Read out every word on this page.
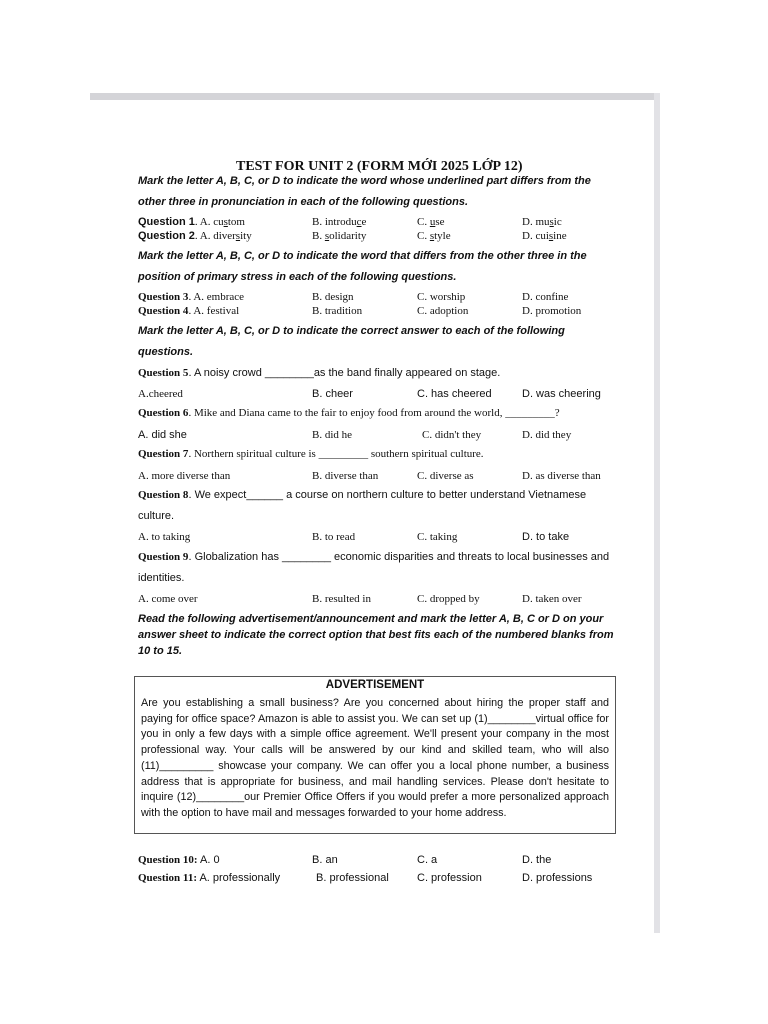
TEST FOR UNIT 2 (FORM MỚI 2025 LỚP 12)
Mark the letter A, B, C, or D to indicate the word whose underlined part differs from the other three in pronunciation in each of the following questions.
Question 1. A. custom	B. introduce	C. use	D. music
Question 2. A. diversity	B. solidarity	C. style	D. cuisine
Mark the letter A, B, C, or D to indicate the word that differs from the other three in the position of primary stress in each of the following questions.
Question 3. A. embrace	B. design	C. worship	D. confine
Question 4. A. festival	B. tradition	C. adoption	D. promotion
Mark the letter A, B, C, or D to indicate the correct answer to each of the following questions.
Question 5. A noisy crowd ________as the band finally appeared on stage.
A.cheered	B. cheer	C. has cheered	D. was cheering
Question 6. Mike and Diana came to the fair to enjoy food from around the world, _________?
A. did she	B. did he	C. didn't they	D. did they
Question 7. Northern spiritual culture is _________ southern spiritual culture.
A. more diverse than	B. diverse than	C. diverse as	D. as diverse than
Question 8. We expect______ a course on northern culture to better understand Vietnamese culture.
A. to taking	B. to read	C. taking	D. to take
Question 9. Globalization has ________ economic disparities and threats to local businesses and identities.
A. come over	B. resulted in	C. dropped by	D. taken over
Read the following advertisement/announcement and mark the letter A, B, C or D on your answer sheet to indicate the correct option that best fits each of the numbered blanks from 10 to 15.
ADVERTISEMENT
Are you establishing a small business? Are you concerned about hiring the proper staff and paying for office space? Amazon is able to assist you. We can set up (1)________virtual office for you in only a few days with a simple office agreement. We'll present your company in the most professional way. Your calls will be answered by our kind and skilled team, who will also (11)_________ showcase your company. We can offer you a local phone number, a business address that is appropriate for business, and mail handling services. Please don't hesitate to inquire (12)________our Premier Office Offers if you would prefer a more personalized approach with the option to have mail and messages forwarded to your home address.
Question 10: A. 0	B. an	C. a	D. the
Question 11: A. professionally	B. professional	C. profession	D. professions
